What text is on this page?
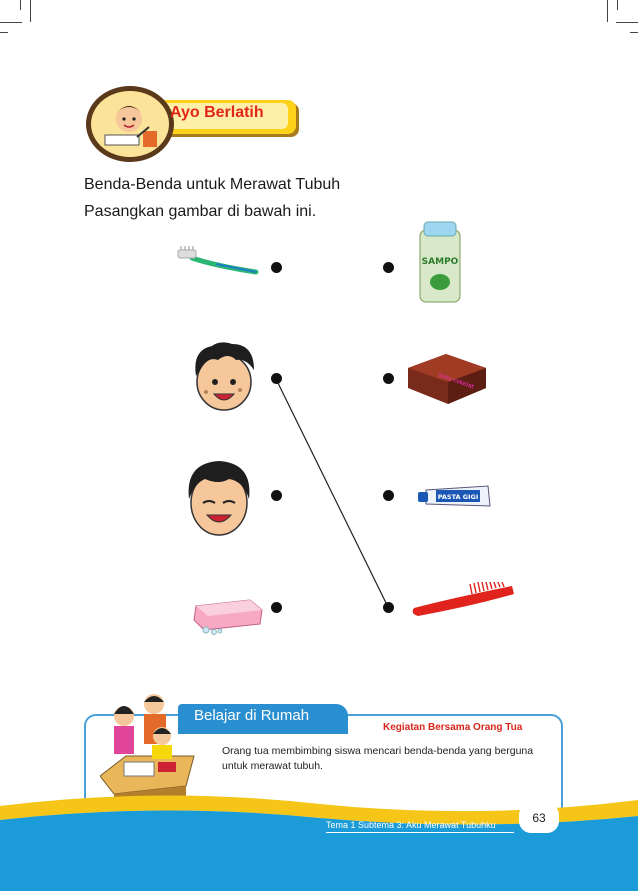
Ayo Berlatih
Benda-Benda untuk Merawat Tubuh
Pasangkan gambar di bawah ini.
SAMPO
susu cokelat
PASTA GIGI
Belajar di Rumah
Kegiatan Bersama Orang Tua
Orang tua membimbing siswa mencari benda-benda yang berguna untuk merawat tubuh.
Tema 1 Subtema 3: Aku Merawat Tubuhku	63
